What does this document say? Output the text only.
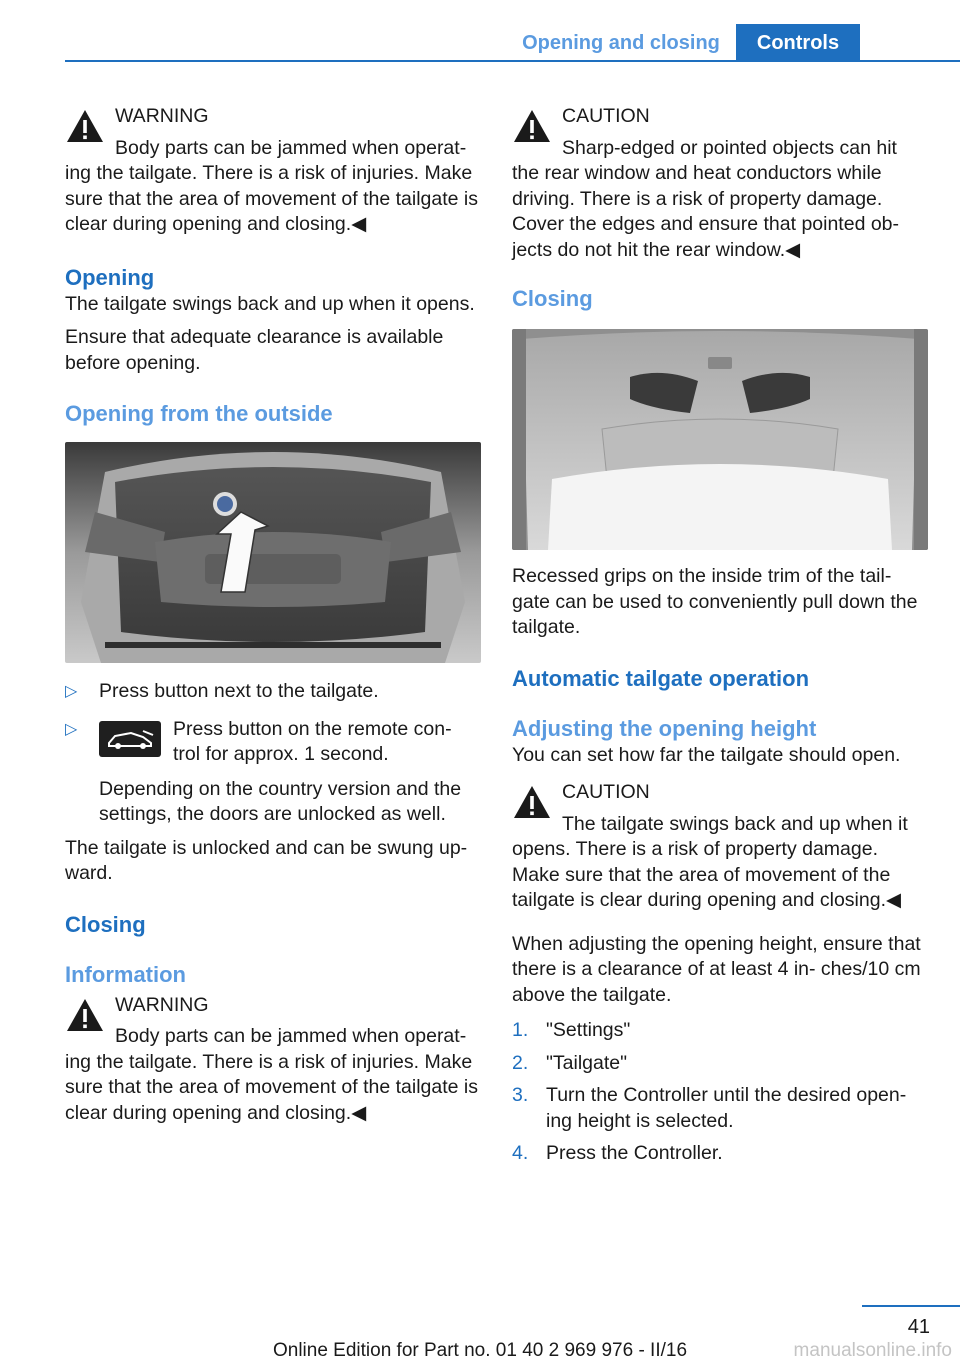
Opening and closing	Controls
WARNING
Body parts can be jammed when operat‐
ing the tailgate. There is a risk of injuries. Make sure that the area of movement of the tailgate is clear during opening and closing.◀
Opening

The tailgate swings back and up when it opens.

Ensure that adequate clearance is available before opening.

Opening from the outside
▷ Press button next to the tailgate.
▷	Press button on the remote con‐ trol for approx. 1 second.

Depending on the country version and the settings, the doors are unlocked as well.

The tailgate is unlocked and can be swung up‐ ward.

Closing
Information
WARNING
Body parts can be jammed when operat‐
ing the tailgate. There is a risk of injuries. Make sure that the area of movement of the tailgate is clear during opening and closing.◀
CAUTION
Sharp-edged or pointed objects can hit
the rear window and heat conductors while driving. There is a risk of property damage. Cover the edges and ensure that pointed ob‐ jects do not hit the rear window.◀
Closing

Recessed grips on the inside trim of the tail‐ gate can be used to conveniently pull down the tailgate.

Automatic tailgate operation
Adjusting the opening height

You can set how far the tailgate should open.

CAUTION
The tailgate swings back and up when it
opens. There is a risk of property damage. Make sure that the area of movement of the tailgate is clear during opening and closing.◀

When adjusting the opening height, ensure that there is a clearance of at least 4 in‐ ches/10 cm above the tailgate.

1. "Settings"
2. "Tailgate"
3. Turn the Controller until the desired open‐ ing height is selected.
4. Press the Controller.
41
Online Edition for Part no. 01 40 2 969 976 - II/16	manualsonline.info
